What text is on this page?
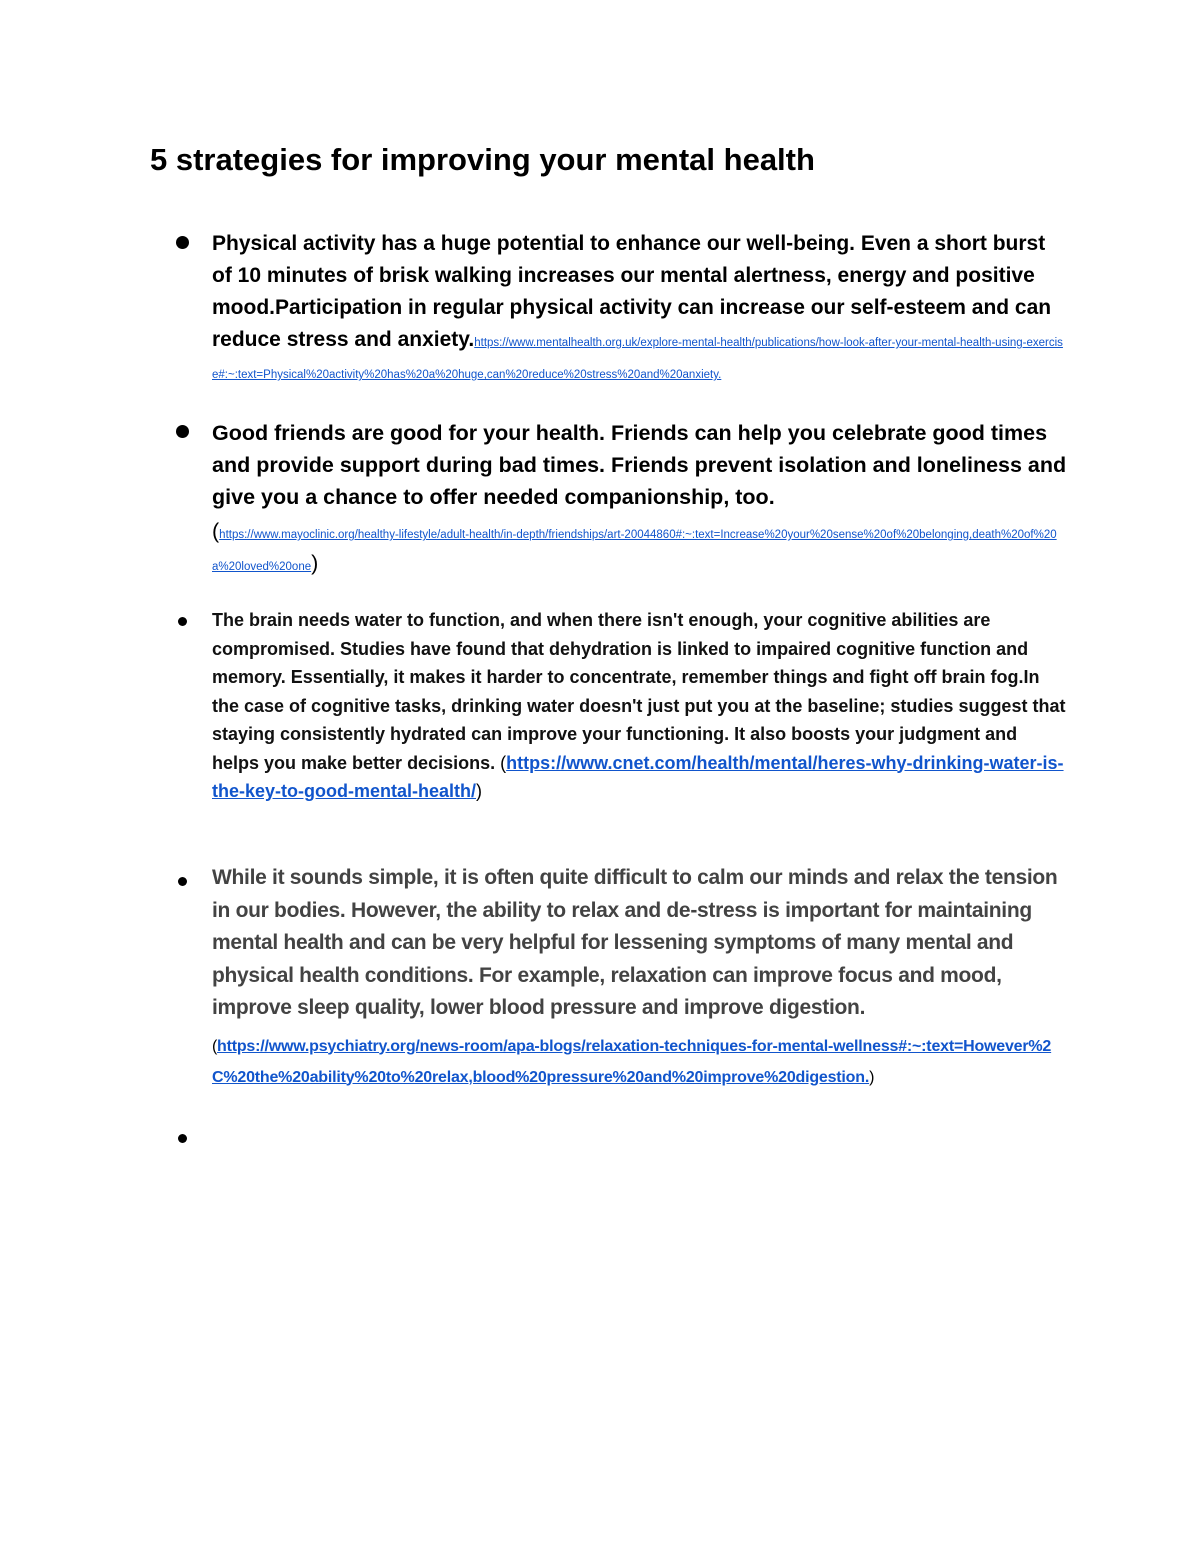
5 strategies for improving your mental health

Physical activity has a huge potential to enhance our well-being. Even a short burst of 10 minutes of brisk walking increases our mental alertness, energy and positive mood.Participation in regular physical activity can increase our self-esteem and can reduce stress and anxiety.https://www.mentalhealth.org.uk/explore-mental-health/publications/how-look-after-your-mental-health-using-exercise#:~:text=Physical%20activity%20has%20a%20huge,can%20reduce%20stress%20and%20anxiety.

Good friends are good for your health. Friends can help you celebrate good times and provide support during bad times. Friends prevent isolation and loneliness and give you a chance to offer needed companionship, too.
(https://www.mayoclinic.org/healthy-lifestyle/adult-health/in-depth/friendships/art-20044860#:~:text=Increase%20your%20sense%20of%20belonging,death%20of%20a%20loved%20one)

The brain needs water to function, and when there isn't enough, your cognitive abilities are compromised. Studies have found that dehydration is linked to impaired cognitive function and memory. Essentially, it makes it harder to concentrate, remember things and fight off brain fog.In the case of cognitive tasks, drinking water doesn't just put you at the baseline; studies suggest that staying consistently hydrated can improve your functioning. It also boosts your judgment and helps you make better decisions. (https://www.cnet.com/health/mental/heres-why-drinking-water-is-the-key-to-good-mental-health/)

While it sounds simple, it is often quite difficult to calm our minds and relax the tension in our bodies. However, the ability to relax and de-stress is important for maintaining mental health and can be very helpful for lessening symptoms of many mental and physical health conditions. For example, relaxation can improve focus and mood, improve sleep quality, lower blood pressure and improve digestion.
(https://www.psychiatry.org/news-room/apa-blogs/relaxation-techniques-for-mental-wellness#:~:text=However%2C%20the%20ability%20to%20relax,blood%20pressure%20and%20improve%20digestion.)
